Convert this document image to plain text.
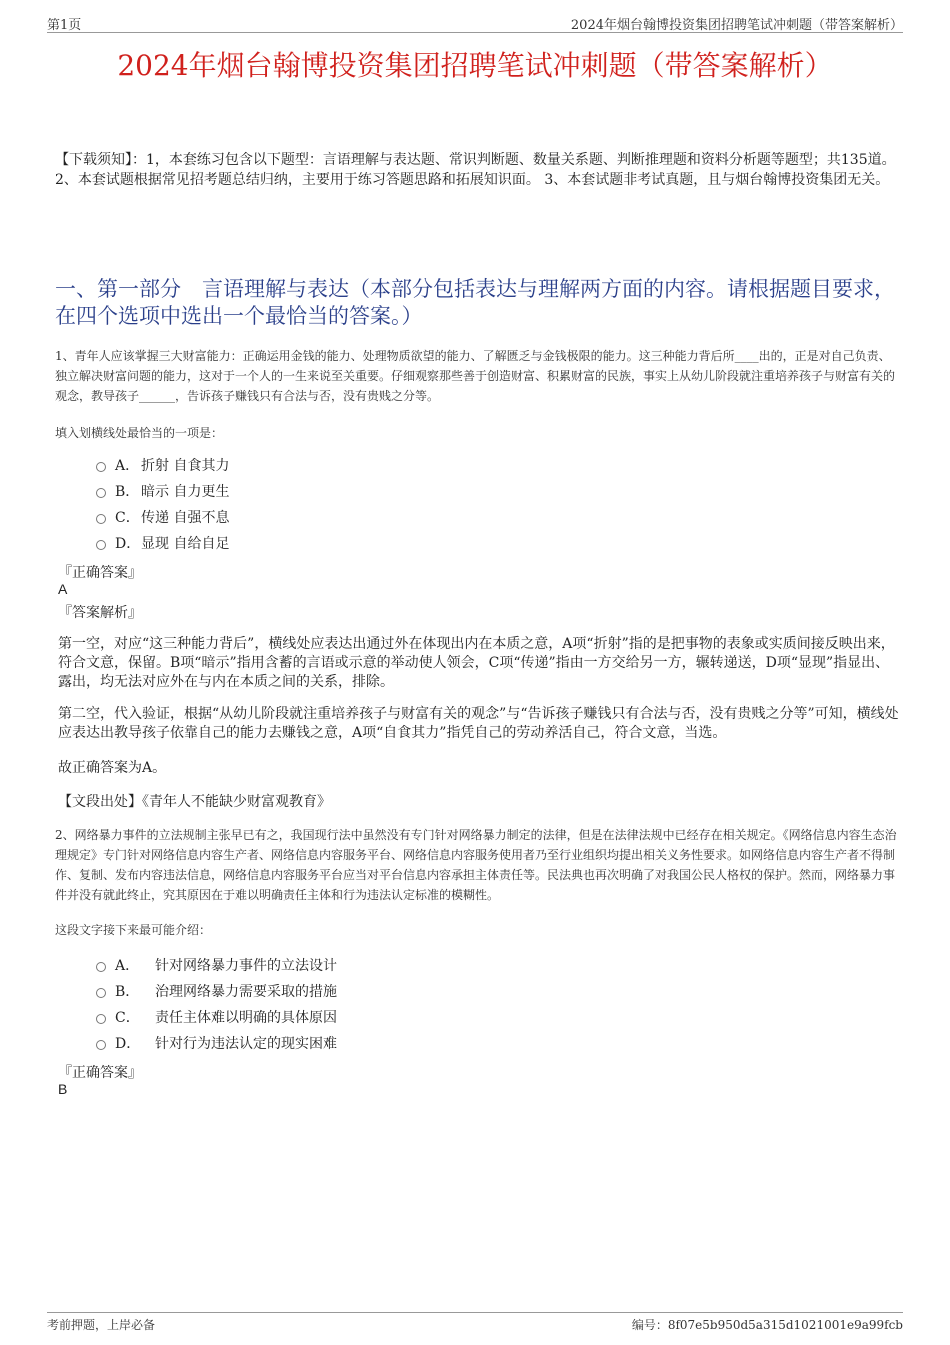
第1页	2024年烟台翰博投资集团招聘笔试冲刺题（带答案解析）
2024年烟台翰博投资集团招聘笔试冲刺题（带答案解析）
【下载须知】：1，本套练习包含以下题型：言语理解与表达题、常识判断题、数量关系题、判断推理题和资料分析题等题型；共135道。 2、本套试题根据常见招考题总结归纳，主要用于练习答题思路和拓展知识面。 3、本套试题非考试真题，且与烟台翰博投资集团无关。
一、第一部分　言语理解与表达（本部分包括表达与理解两方面的内容。请根据题目要求，在四个选项中选出一个最恰当的答案。）
1、青年人应该掌握三大财富能力：正确运用金钱的能力、处理物质欲望的能力、了解匮乏与金钱极限的能力。这三种能力背后所____出的，正是对自己负责、独立解决财富问题的能力，这对于一个人的一生来说至关重要。仔细观察那些善于创造财富、积累财富的民族，事实上从幼儿阶段就注重培养孩子与财富有关的观念，教导孩子______，告诉孩子赚钱只有合法与否，没有贵贱之分等。
填入划横线处最恰当的一项是：
A． 折射 自食其力
B． 暗示 自力更生
C． 传递 自强不息
D． 显现 自给自足
『正确答案』
A
『答案解析』
第一空，对应“这三种能力背后”，横线处应表达出通过外在体现出内在本质之意，A项“折射”指的是把事物的表象或实质间接反映出来，符合文意，保留。B项“暗示”指用含蓄的言语或示意的举动使人领会，C项“传递”指由一方交给另一方，辗转递送，D项“显现”指显出、露出，均无法对应外在与内在本质之间的关系，排除。
第二空，代入验证，根据“从幼儿阶段就注重培养孩子与财富有关的观念”与“告诉孩子赚钱只有合法与否，没有贵贱之分等”可知，横线处应表达出教导孩子依靠自己的能力去赚钱之意，A项“自食其力”指凭自己的劳动养活自己，符合文意，当选。
故正确答案为A。
【文段出处】《青年人不能缺少财富观教育》
2、网络暴力事件的立法规制主张早已有之，我国现行法中虽然没有专门针对网络暴力制定的法律，但是在法律法规中已经存在相关规定。《网络信息内容生态治理规定》专门针对网络信息内容生产者、网络信息内容服务平台、网络信息内容服务使用者乃至行业组织均提出相关义务性要求。如网络信息内容生产者不得制作、复制、发布内容违法信息，网络信息内容服务平台应当对平台信息内容承担主体责任等。民法典也再次明确了对我国公民人格权的保护。然而，网络暴力事件并没有就此终止，究其原因在于难以明确责任主体和行为违法认定标准的模糊性。
这段文字接下来最可能介绍：
A．	针对网络暴力事件的立法设计
B．	治理网络暴力需要采取的措施
C．	责任主体难以明确的具体原因
D．	针对行为违法认定的现实困难
『正确答案』
B
考前押题，上岸必备	编号：8f07e5b950d5a315d1021001e9a99fcb
